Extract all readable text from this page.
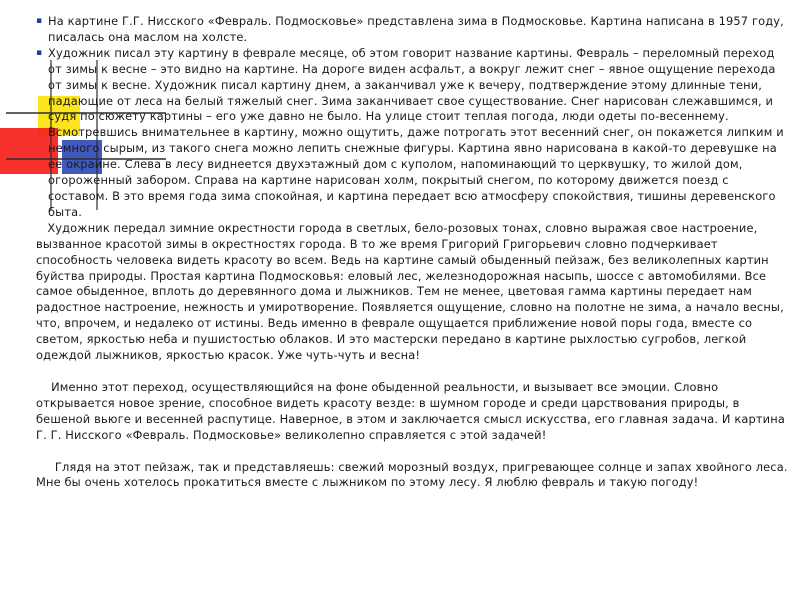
▪ На картине Г.Г. Нисского «Февраль. Подмосковье» представлена зима в Подмосковье. Картина написана в 1957 году, писалась она маслом на холсте.

▪ Художник писал эту картину в феврале месяце, об этом говорит название картины. Февраль – переломный переход от зимы к весне – это видно на картине. На дороге виден асфальт, а вокруг лежит снег – явное ощущение перехода от зимы к весне. Художник писал картину днем, а заканчивал уже к вечеру, подтверждение этому длинные тени, падающие от леса на белый тяжелый снег. Зима заканчивает свое существование. Снег нарисован слежавшимся, и судя по сюжету картины – его уже давно не было. На улице стоит теплая погода, люди одеты по-весеннему. Всмотревшись внимательнее в картину, можно ощутить, даже потрогать этот весенний снег, он покажется липким и немного сырым, из такого снега можно лепить снежные фигуры. Картина явно нарисована в какой-то деревушке на ее окраине. Слева в лесу виднеется двухэтажный дом с куполом, напоминающий то церквушку, то жилой дом, огороженный забором. Справа на картине нарисован холм, покрытый снегом, по которому движется поезд с составом. В это время года зима спокойная, и картина передает всю атмосферу спокойствия, тишины деревенского быта.

Художник передал зимние окрестности города в светлых, бело-розовых тонах, словно выражая свое настроение, вызванное красотой зимы в окрестностях города. В то же время Григорий Григорьевич словно подчеркивает способность человека видеть красоту во всем. Ведь на картине самый обыденный пейзаж, без великолепных картин буйства природы. Простая картина Подмосковья: еловый лес, железнодорожная насыпь, шоссе с автомобилями. Все самое обыденное, вплоть до деревянного дома и лыжников. Тем не менее, цветовая гамма картины передает нам радостное настроение, нежность и умиротворение. Появляется ощущение, словно на полотне не зима, а начало весны, что, впрочем, и недалеко от истины. Ведь именно в феврале ощущается приближение новой поры года, вместе со светом, яркостью неба и пушистостью облаков. И это мастерски передано в картине рыхлостью сугробов, легкой одеждой лыжников, яркостью красок. Уже чуть-чуть и весна!

Именно этот переход, осуществляющийся на фоне обыденной реальности, и вызывает все эмоции. Словно открывается новое зрение, способное видеть красоту везде: в шумном городе и среди царствования природы, в бешеной вьюге и весенней распутице. Наверное, в этом и заключается смысл искусства, его главная задача. И картина Г. Г. Нисского «Февраль. Подмосковье» великолепно справляется с этой задачей!

Глядя на этот пейзаж, так и представляешь: свежий морозный воздух, пригревающее солнце и запах хвойного леса. Мне бы очень хотелось прокатиться вместе с лыжником по этому лесу. Я люблю февраль и такую погоду!
